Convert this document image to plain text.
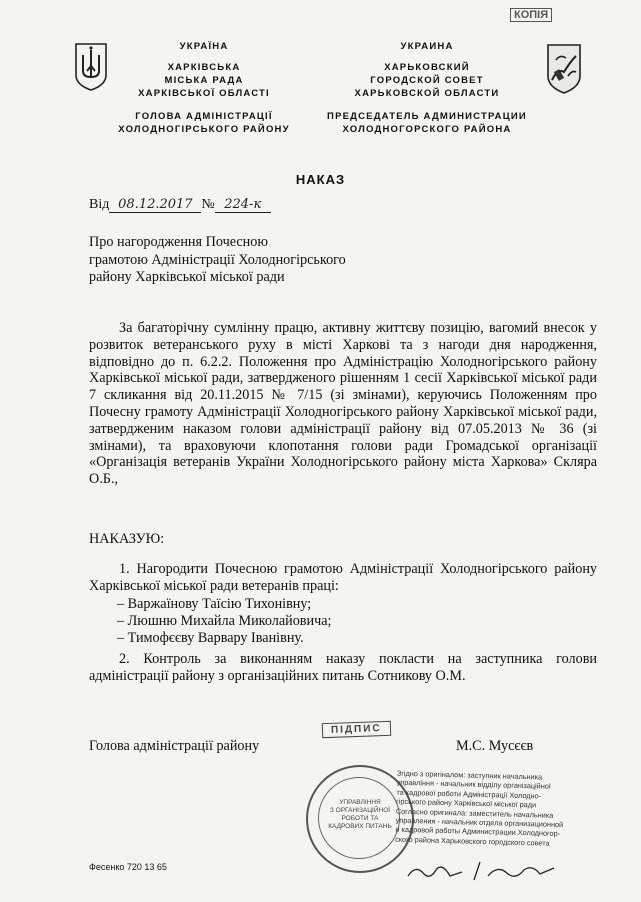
КОПІЯ
УКРАЇНА
ХАРКІВСЬКА
МІСЬКА РАДА
ХАРКІВСЬКОЇ ОБЛАСТІ
ГОЛОВА АДМІНІСТРАЦІЇ
ХОЛОДНОГІРСЬКОГО РАЙОНУ
УКРАИНА
ХАРЬКОВСКИЙ
ГОРОДСКОЙ СОВЕТ
ХАРЬКОВСКОЙ ОБЛАСТИ
ПРЕДСЕДАТЕЛЬ АДМИНИСТРАЦИИ
ХОЛОДНОГОРСКОГО РАЙОНА
НАКАЗ
Від 08.12.2017 № 224-к
Про нагородження Почесною
грамотою Адміністрації Холодногірського
району Харківської міської ради
За багаторічну сумлінну працю, активну життєву позицію, вагомий внесок у розвиток ветеранського руху в місті Харкові та з нагоди дня народження, відповідно до п. 6.2.2. Положення про Адміністрацію Холодногірського району Харківської міської ради, затвердженого рішенням 1 сесії Харківської міської ради 7 скликання від 20.11.2015 № 7/15 (зі змінами), керуючись Положенням про Почесну грамоту Адміністрації Холодногірського району Харківської міської ради, затвердженим наказом голови адміністрації району від 07.05.2013 № 36 (зі змінами), та враховуючи клопотання голови ради Громадської організації «Організація ветеранів України Холодногірського району міста Харкова» Скляра О.Б.,
НАКАЗУЮ:
1. Нагородити Почесною грамотою Адміністрації Холодногірського району Харківської міської ради ветеранів праці:
– Варжаїнову Таїсію Тихонівну;
– Люшню Михайла Миколайовича;
– Тимофєєву Варвару Іванівну.
2. Контроль за виконанням наказу покласти на заступника голови адміністрації району з організаційних питань Сотникову О.М.
Голова адміністрації району	М.С. Мусєєв
ПІДПИС
УПРАВЛІННЯ
З ОРГАНІЗАЦІЙНОЇ
РОБОТИ ТА
КАДРОВИХ ПИТАНЬ
Згідно з оригіналом: заступник начальника
управління - начальник відділу організаційної
та кадрової роботи Адміністрації Холодно-
гірського району Харківської міської ради
Согласно оригинала: заместитель начальника
управления - начальник отдела организационной
и кадровой работы Администрации Холодногор-
ского района Харьковского городского совета
Фесенко 720 13 65
